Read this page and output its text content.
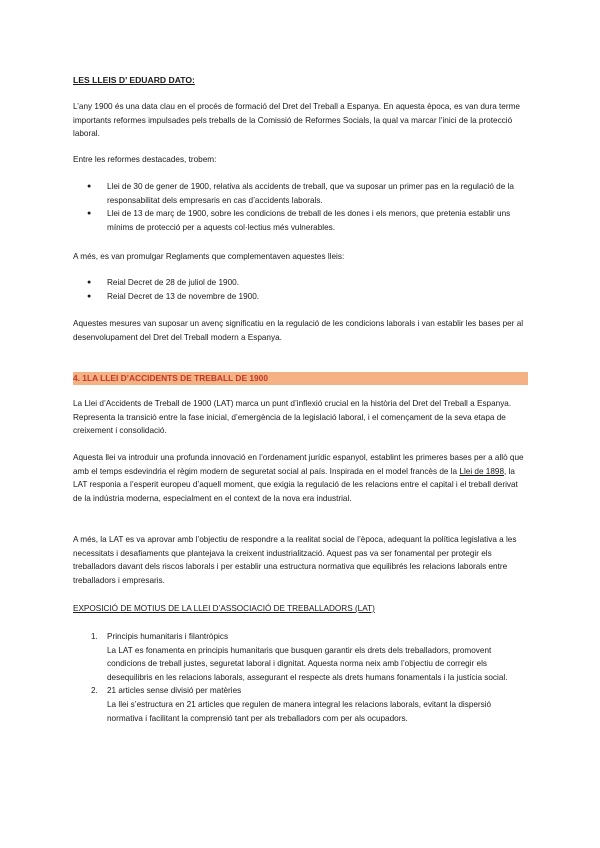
LES LLEIS D’ EDUARD DATO:

L’any 1900 és una data clau en el procés de formació del Dret del Treball a Espanya. En aquesta època, es van dura terme importants reformes impulsades pels treballs de la Comissió de Reformes Socials, la qual va marcar l’inici de la protecció laboral.

Entre les reformes destacades, trobem:

● Llei de 30 de gener de 1900, relativa als accidents de treball, que va suposar un primer pas en la regulació de la responsabilitat dels empresaris en cas d’accidents laborals.
● Llei de 13 de març de 1900, sobre les condicions de treball de les dones i els menors, que pretenia establir uns mínims de protecció per a aquests col·lectius més vulnerables.

A més, es van promulgar Reglaments que complementaven aquestes lleis:

● Reial Decret de 28 de juliol de 1900.
● Reial Decret de 13 de novembre de 1900.

Aquestes mesures van suposar un avenç significatiu en la regulació de les condicions laborals i van establir les bases per al desenvolupament del Dret del Treball modern a Espanya.

4. 1LA LLEI D’ACCIDENTS DE TREBALL DE 1900

La Llei d’Accidents de Treball de 1900 (LAT) marca un punt d’inflexió crucial en la història del Dret del Treball a Espanya. Representa la transició entre la fase inicial, d’emergència de la legislació laboral, i el començament de la seva etapa de creixement i consolidació.

Aquesta llei va introduir una profunda innovació en l’ordenament jurídic espanyol, establint les primeres bases per a allò que amb el temps esdevindria el règim modern de seguretat social al país. Inspirada en el model francès de la Llei de 1898, la LAT responia a l’esperit europeu d’aquell moment, que exigia la regulació de les relacions entre el capital i el treball derivat de la indústria moderna, especialment en el context de la nova era industrial.

A més, la LAT es va aprovar amb l’objectiu de respondre a la realitat social de l’època, adequant la política legislativa a les necessitats i desafiaments que plantejava la creixent industrialització. Aquest pas va ser fonamental per protegir els treballadors davant dels riscos laborals i per establir una estructura normativa que equilibrés les relacions laborals entre treballadors i empresaris.

EXPOSICIÓ DE MOTIUS DE LA LLEI D’ASSOCIACIÓ DE TREBALLADORS (LAT)

1. Principis humanitaris i filantròpics
La LAT es fonamenta en principis humanitaris que busquen garantir els drets dels treballadors, promovent condicions de treball justes, seguretat laboral i dignitat. Aquesta norma neix amb l’objectiu de corregir els desequilibris en les relacions laborals, assegurant el respecte als drets humans fonamentals i la justícia social.
2. 21 articles sense divisió per matèries
La llei s’estructura en 21 articles que regulen de manera integral les relacions laborals, evitant la dispersió normativa i facilitant la comprensió tant per als treballadors com per als ocupadors.
